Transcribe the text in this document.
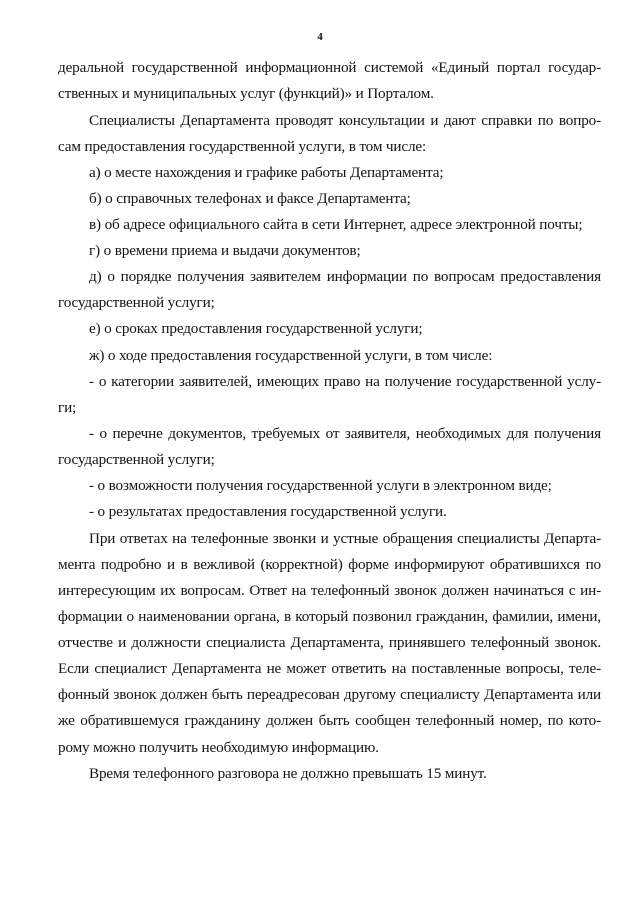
4
деральной государственной информационной системой «Единый портал государ-
ственных и муниципальных услуг (функций)» и Порталом.
Специалисты Департамента проводят консультации и дают справки по вопро-
сам предоставления государственной услуги, в том числе:
а) о месте нахождения и графике работы Департамента;
б) о справочных телефонах и факсе Департамента;
в) об адресе официального сайта в сети Интернет, адресе электронной почты;
г) о времени приема и выдачи документов;
д) о порядке получения заявителем информации по вопросам предоставления
государственной услуги;
е) о сроках предоставления государственной услуги;
ж) о ходе предоставления государственной услуги, в том числе:
- о категории заявителей, имеющих право на получение государственной услу-
ги;
- о перечне документов, требуемых от заявителя, необходимых для получения
государственной услуги;
- о возможности получения государственной услуги в электронном виде;
- о результатах предоставления государственной услуги.
При ответах на телефонные звонки и устные обращения специалисты Департа-
мента подробно и в вежливой (корректной) форме информируют обратившихся по
интересующим их вопросам. Ответ на телефонный звонок должен начинаться с ин-
формации о наименовании органа, в который позвонил гражданин, фамилии, имени,
отчестве и должности специалиста Департамента, принявшего телефонный звонок.
Если специалист Департамента не может ответить на поставленные вопросы, теле-
фонный звонок должен быть переадресован другому специалисту Департамента или
же обратившемуся гражданину должен быть сообщен телефонный номер, по кото-
рому можно получить необходимую информацию.
Время телефонного разговора не должно превышать 15 минут.
